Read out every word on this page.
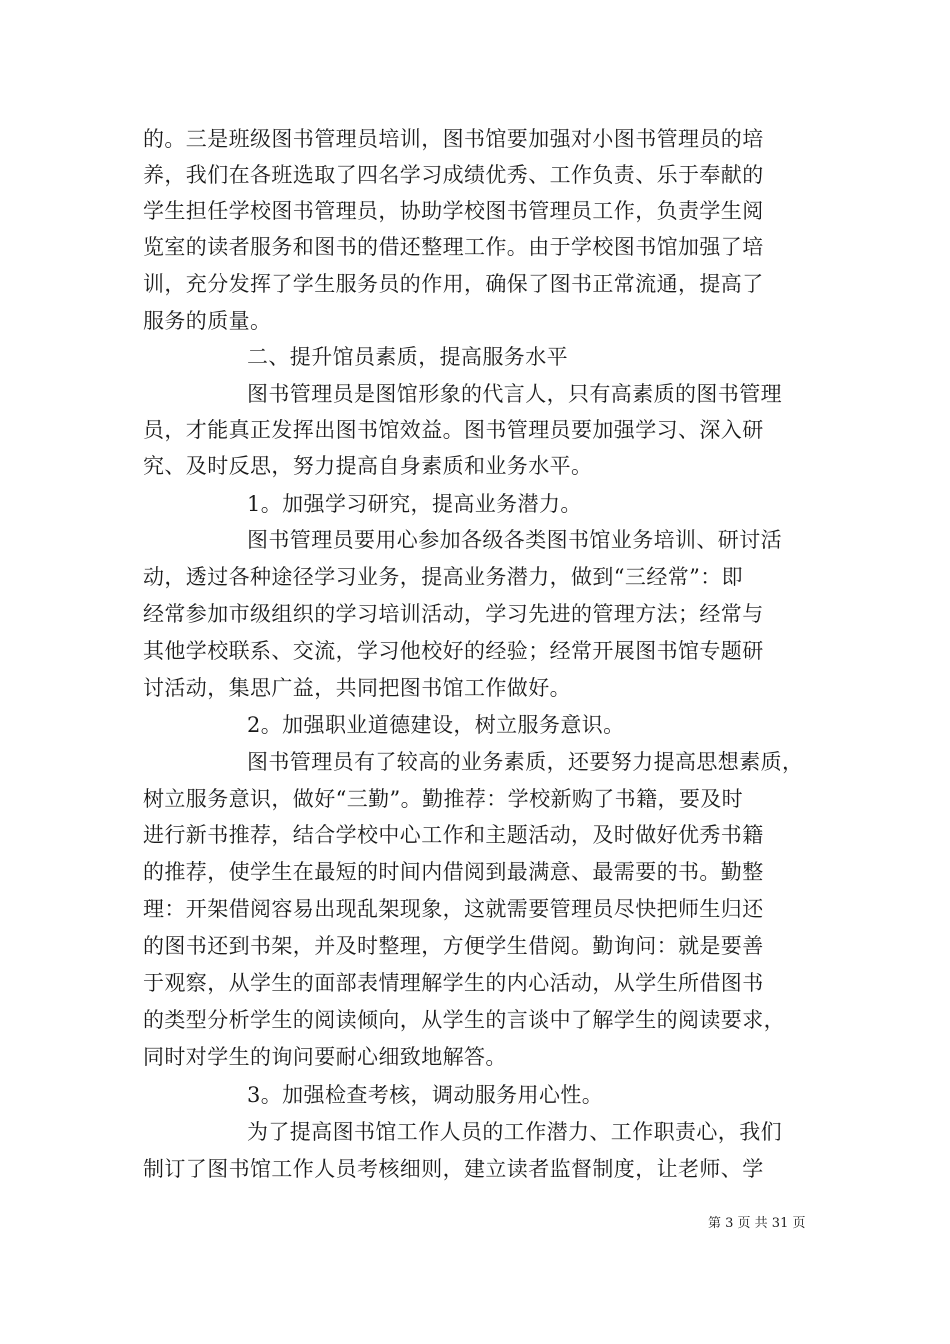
的。三是班级图书管理员培训，图书馆要加强对小图书管理员的培
养，我们在各班选取了四名学习成绩优秀、工作负责、乐于奉献的
学生担任学校图书管理员，协助学校图书管理员工作，负责学生阅
览室的读者服务和图书的借还整理工作。由于学校图书馆加强了培
训，充分发挥了学生服务员的作用，确保了图书正常流通，提高了
服务的质量。
二、提升馆员素质，提高服务水平
图书管理员是图馆形象的代言人，只有高素质的图书管理
员，才能真正发挥出图书馆效益。图书管理员要加强学习、深入研
究、及时反思，努力提高自身素质和业务水平。
1。加强学习研究，提高业务潜力。
图书管理员要用心参加各级各类图书馆业务培训、研讨活
动，透过各种途径学习业务，提高业务潜力，做到“三经常”：即
经常参加市级组织的学习培训活动，学习先进的管理方法；经常与
其他学校联系、交流，学习他校好的经验；经常开展图书馆专题研
讨活动，集思广益，共同把图书馆工作做好。
2。加强职业道德建设，树立服务意识。
图书管理员有了较高的业务素质，还要努力提高思想素质，
树立服务意识，做好“三勤”。勤推荐：学校新购了书籍，要及时
进行新书推荐，结合学校中心工作和主题活动，及时做好优秀书籍
的推荐，使学生在最短的时间内借阅到最满意、最需要的书。勤整
理：开架借阅容易出现乱架现象，这就需要管理员尽快把师生归还
的图书还到书架，并及时整理，方便学生借阅。勤询问：就是要善
于观察，从学生的面部表情理解学生的内心活动，从学生所借图书
的类型分析学生的阅读倾向，从学生的言谈中了解学生的阅读要求，
同时对学生的询问要耐心细致地解答。
3。加强检查考核，调动服务用心性。
为了提高图书馆工作人员的工作潜力、工作职责心，我们
制订了图书馆工作人员考核细则，建立读者监督制度，让老师、学
第 3 页 共 31 页
